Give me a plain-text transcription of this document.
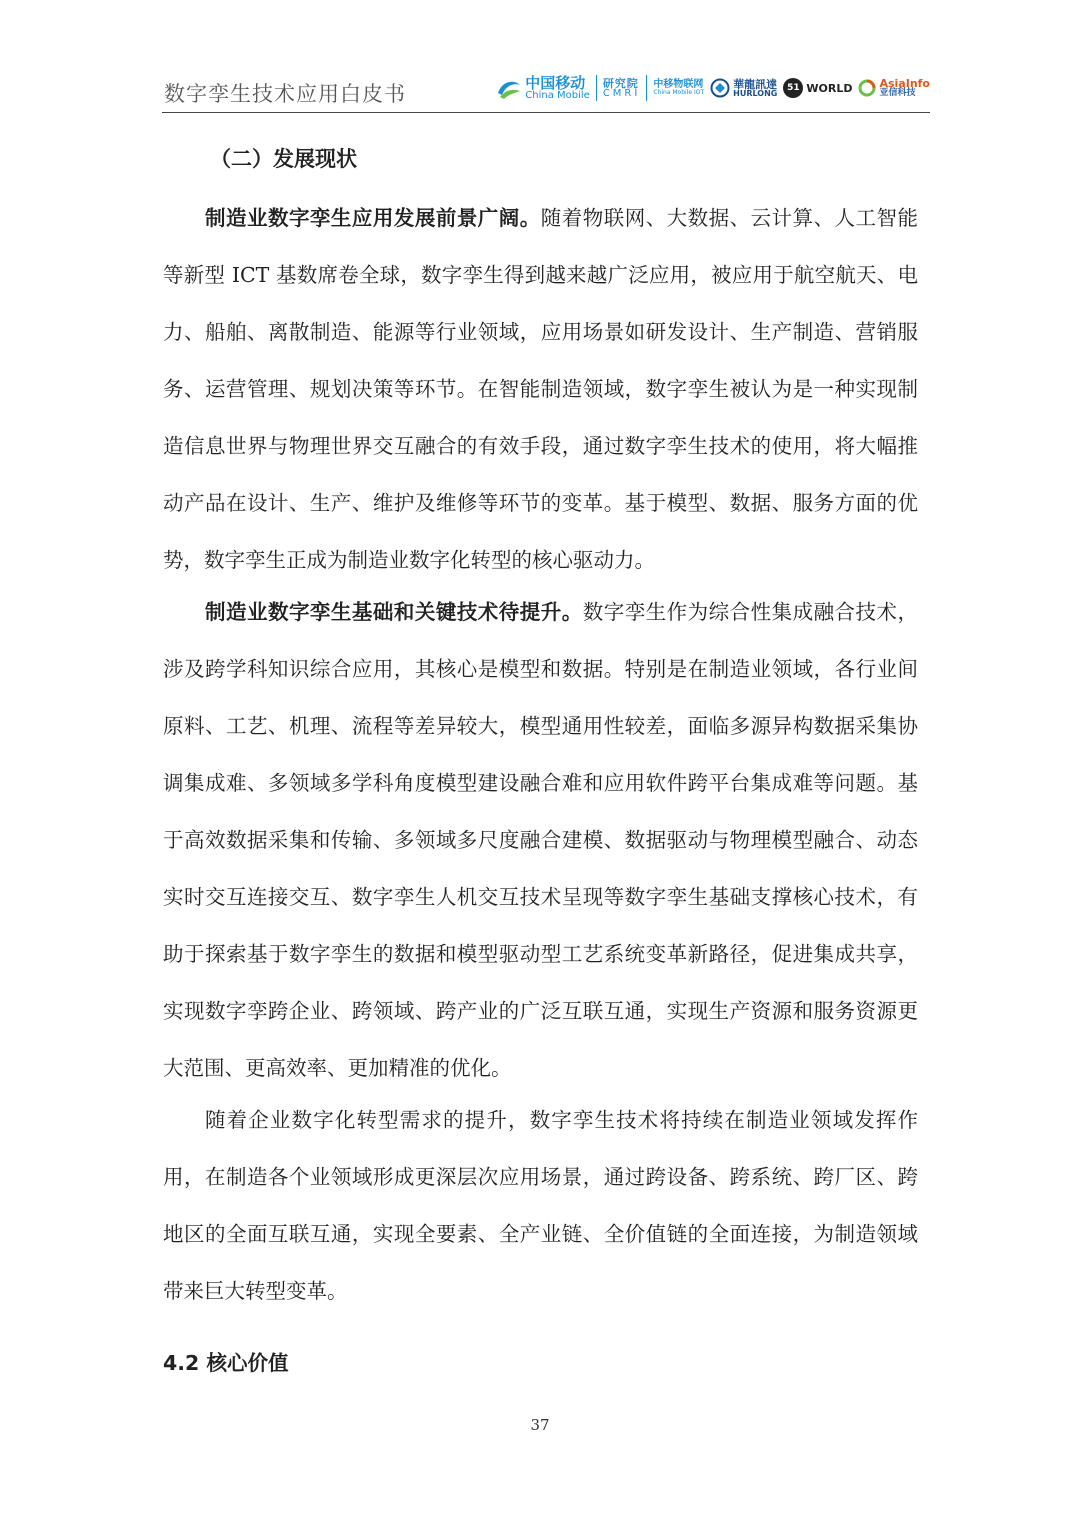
数字孪生技术应用白皮书	中国移动
China Mobile
研究院
CMRI
中移物联网
China Mobile IOT
華龍訊達
HURLONG	51 WORLD AsiaInfo
亚信科技
（二）发展现状

制造业数字孪生应用发展前景广阔。随着物联网、大数据、云计算、人工智能等新型 ICT 基数席卷全球，数字孪生得到越来越广泛应用，被应用于航空航天、电力、船舶、离散制造、能源等行业领域，应用场景如研发设计、生产制造、营销服务、运营管理、规划决策等环节。在智能制造领域，数字孪生被认为是一种实现制造信息世界与物理世界交互融合的有效手段，通过数字孪生技术的使用，将大幅推动产品在设计、生产、维护及维修等环节的变革。基于模型、数据、服务方面的优势，数字孪生正成为制造业数字化转型的核心驱动力。

制造业数字孪生基础和关键技术待提升。数字孪生作为综合性集成融合技术，涉及跨学科知识综合应用，其核心是模型和数据。特别是在制造业领域，各行业间原料、工艺、机理、流程等差异较大，模型通用性较差，面临多源异构数据采集协调集成难、多领域多学科角度模型建设融合难和应用软件跨平台集成难等问题。基于高效数据采集和传输、多领域多尺度融合建模、数据驱动与物理模型融合、动态实时交互连接交互、数字孪生人机交互技术呈现等数字孪生基础支撑核心技术，有助于探索基于数字孪生的数据和模型驱动型工艺系统变革新路径，促进集成共享，实现数字孪跨企业、跨领域、跨产业的广泛互联互通，实现生产资源和服务资源更大范围、更高效率、更加精准的优化。

随着企业数字化转型需求的提升，数字孪生技术将持续在制造业领域发挥作用，在制造各个业领域形成更深层次应用场景，通过跨设备、跨系统、跨厂区、跨地区的全面互联互通，实现全要素、全产业链、全价值链的全面连接，为制造领域带来巨大转型变革。

4.2 核心价值
37
